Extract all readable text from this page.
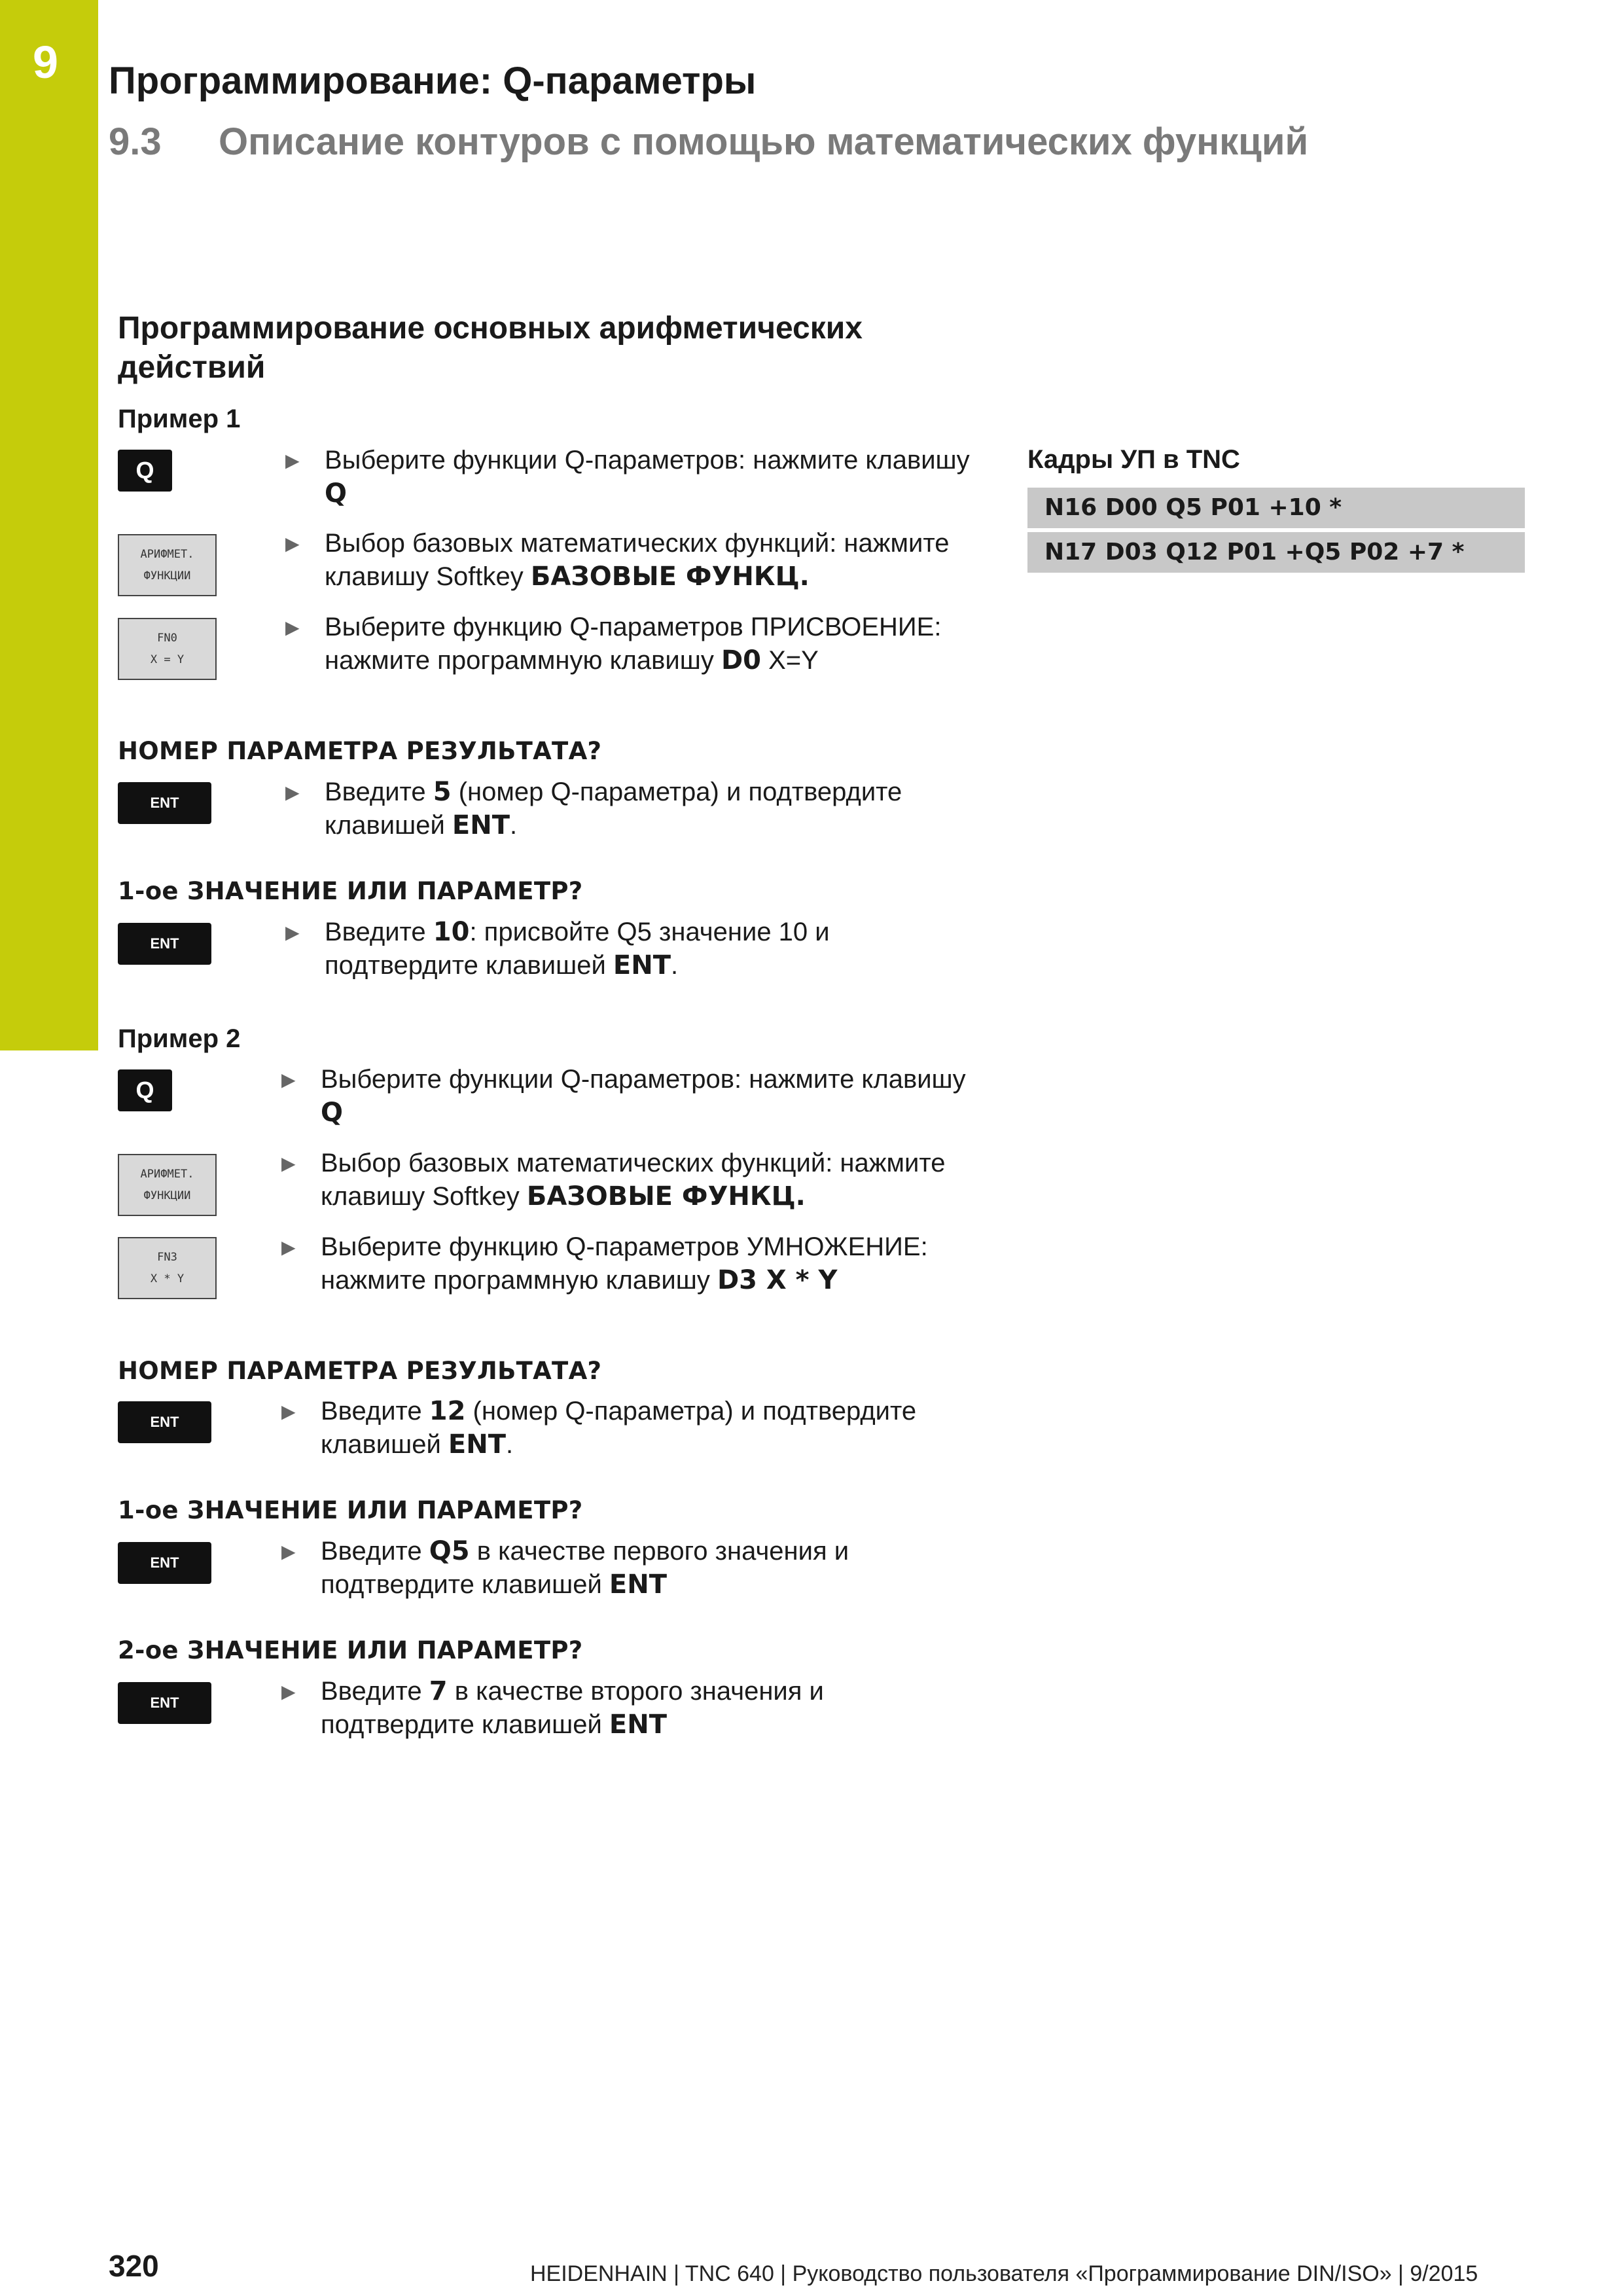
9 Программирование: Q-параметры
9.3 Описание контуров с помощью математических функций
Программирование основных арифметических действий
Пример 1
Q	▶ Выберите функции Q-параметров: нажмите клавишу Q
АРИФМЕТ.
ФУНКЦИИ
▶ Выбор базовых математических функций: нажмите клавишу Softkey БАЗОВЫЕ ФУНКЦ.
FN0
X = Y
▶ Выберите функцию Q-параметров ПРИСВОЕНИЕ: нажмите программную клавишу D0 X=Y
НОМЕР ПАРАМЕТРА РЕЗУЛЬТАТА?
ENT
▶ Введите 5 (номер Q-параметра) и подтвердите клавишей ENT.
1-ое ЗНАЧЕНИЕ ИЛИ ПАРАМЕТР?
ENT
▶ Введите 10: присвойте Q5 значение 10 и подтвердите клавишей ENT.
Пример 2
Q	▶ Выберите функции Q-параметров: нажмите клавишу Q
АРИФМЕТ.
ФУНКЦИИ
▶ Выбор базовых математических функций: нажмите клавишу Softkey БАЗОВЫЕ ФУНКЦ.
FN3
X * Y
▶ Выберите функцию Q-параметров УМНОЖЕНИЕ: нажмите программную клавишу D3 X * Y
НОМЕР ПАРАМЕТРА РЕЗУЛЬТАТА?
ENT
▶ Введите 12 (номер Q-параметра) и подтвердите клавишей ENT.
1-ое ЗНАЧЕНИЕ ИЛИ ПАРАМЕТР?
ENT
▶ Введите Q5 в качестве первого значения и подтвердите клавишей ENT
2-ое ЗНАЧЕНИЕ ИЛИ ПАРАМЕТР?
ENT
▶ Введите 7 в качестве второго значения и подтвердите клавишей ENT
Кадры УП в TNC
N16 D00 Q5 P01 +10 *
N17 D03 Q12 P01 +Q5 P02 +7 *
320	HEIDENHAIN | TNC 640 | Руководство пользователя «Программирование DIN/ISO» | 9/2015
